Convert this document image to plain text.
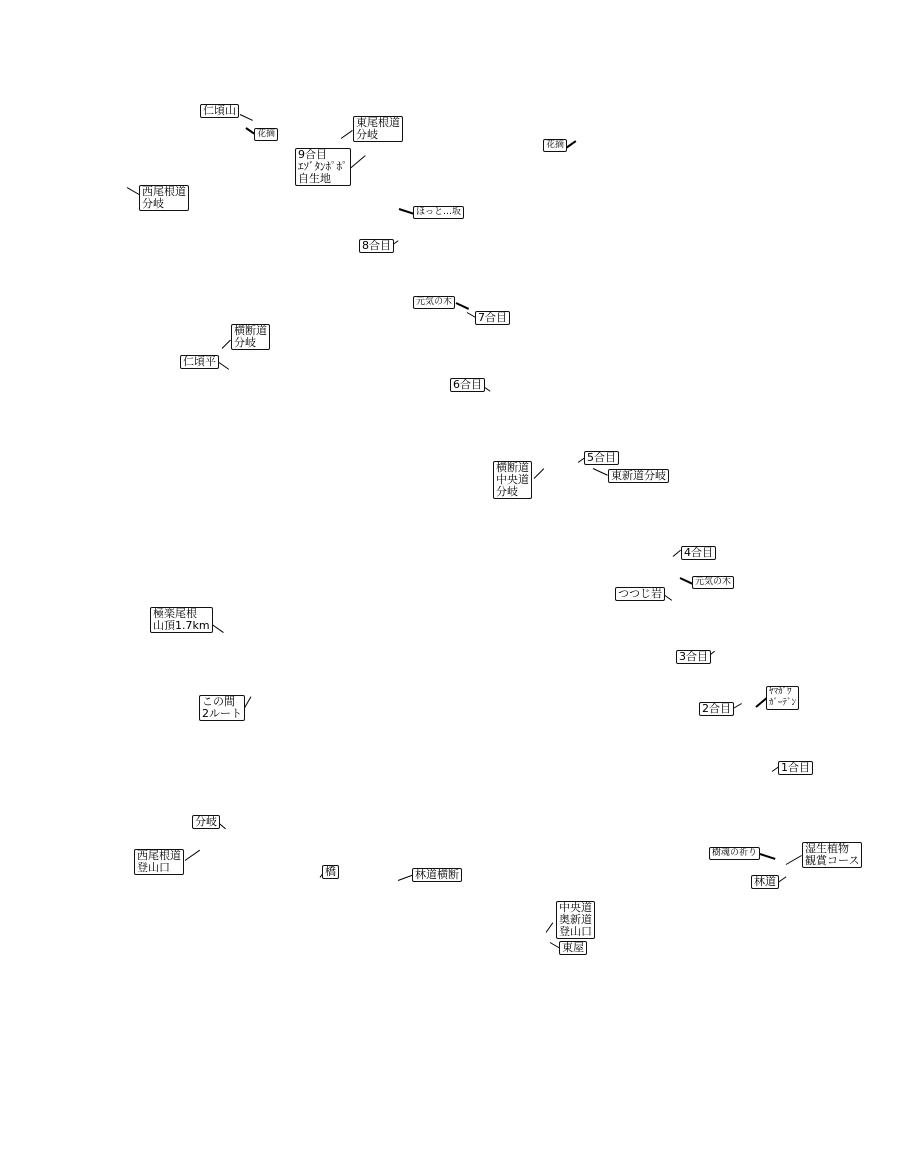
仁頃山
花摘
東尾根道
分岐
9合目
ｴｿﾞﾀﾝﾎﾟﾎﾟ
自生地
花摘
西尾根道
分岐
ほっと…坂
8合目
元気の木
7合目
横断道
分岐
仁頃平
6合目
5合目
横断道
中央道
分岐
東新道分岐
4合目
元気の木
つつじ岩
極楽尾根
山頂1.7km
3合目
この間
2ルート
ﾔﾏｶﾞﾜ
ｶﾞｰﾃﾞﾝ
2合目
1合目
分岐
樹魂の祈り	湿生植物
観賞コース
西尾根道
登山口	橋	林道横断
林道
中央道
奥新道
登山口
東屋
